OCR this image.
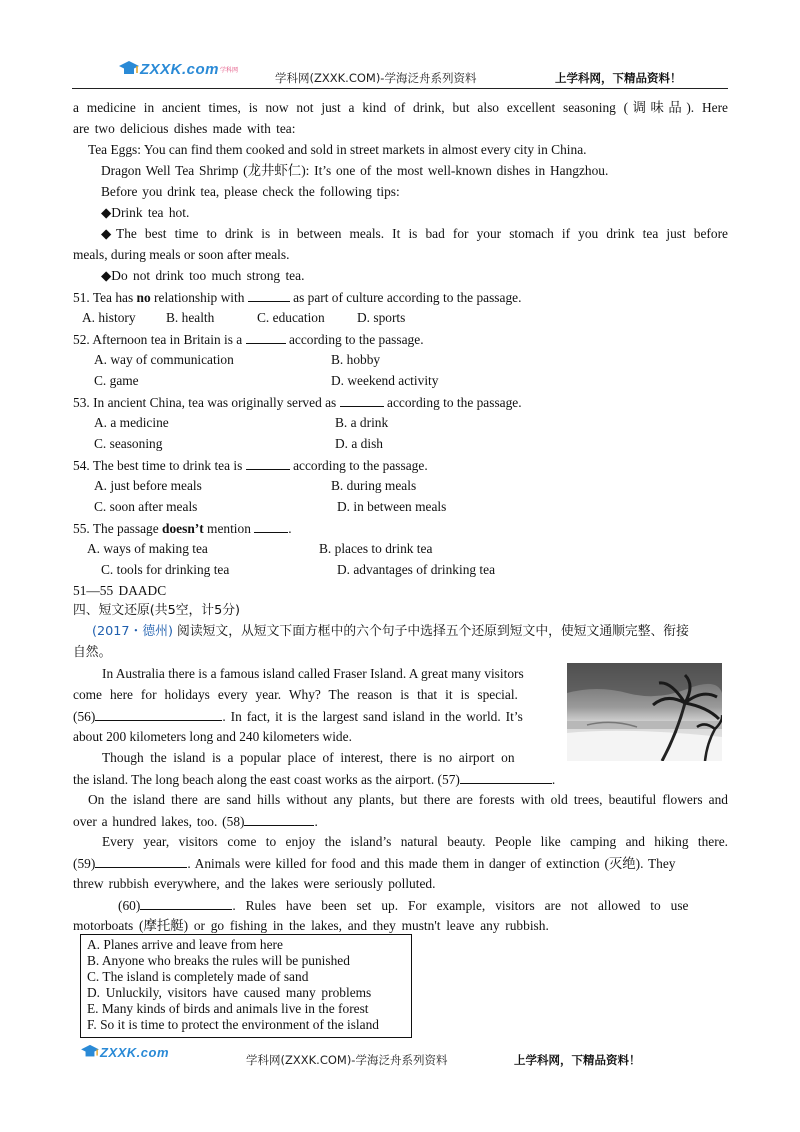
ZXXK.com 学科网
学科网(ZXXK.COM)-学海泛舟系列资料	上学科网，下精品资料！
a medicine in ancient times, is now not just a kind of drink, but also excellent seasoning (调味品). Here
are two delicious dishes made with tea:
Tea Eggs: You can find them cooked and sold in street markets in almost every city in China.
Dragon Well Tea Shrimp (龙井虾仁): It’s one of the most well-known dishes in Hangzhou.
Before you drink tea, please check the following tips:
◆Drink tea hot.
◆The best time to drink is in between meals. It is bad for your stomach if you drink tea just before
meals, during meals or soon after meals.
◆Do not drink too much strong tea.
51. Tea has no relationship with	as part of culture according to the passage.
A. history B. health	C. education D. sports
52. Afternoon tea in Britain is a	according to the passage.
A. way of communication	B. hobby
C. game	D. weekend activity
53. In ancient China, tea was originally served as	according to the passage.
A. a medicine	B. a drink
C. seasoning	D. a dish
54. The best time to drink tea is	according to the passage.
A. just before meals	B. during meals
C. soon after meals	D. in between meals
55. The passage doesn’t mention	.
A. ways of making tea	B. places to drink tea
C. tools for drinking tea	D. advantages of drinking tea
51—55 DAADC
四、短文还原(共5空，计5分)
(2017・德州) 阅读短文，从短文下面方框中的六个句子中选择五个还原到短文中，使短文通顺完整、衔接
自然。
In Australia there is a famous island called Fraser Island. A great many visitors
come here for holidays every year. Why? The reason is that it is special.
(56)	. In fact, it is the largest sand island in the world. It’s
about 200 kilometers long and 240 kilometers wide.
Though the island is a popular place of interest, there is no airport on
the island. The long beach along the east coast works as the airport. (57)	.
On the island there are sand hills without any plants, but there are forests with old trees, beautiful flowers and
over a hundred lakes, too. (58)	.
Every year, visitors come to enjoy the island’s natural beauty. People like camping and hiking there.
(59)	. Animals were killed for food and this made them in danger of extinction (灭绝). They
threw rubbish everywhere, and the lakes were seriously polluted.
(60)	. Rules have been set up. For example, visitors are not allowed to use
motorboats (摩托艇) or go fishing in the lakes, and they mustn't leave any rubbish.
A. Planes arrive and leave from here
B. Anyone who breaks the rules will be punished
C. The island is completely made of sand
D. Unluckily, visitors have caused many problems
E. Many kinds of birds and animals live in the forest
F. So it is time to protect the environment of the island
ZXXK.com
学科网(ZXXK.COM)-学海泛舟系列资料	上学科网，下精品资料！
